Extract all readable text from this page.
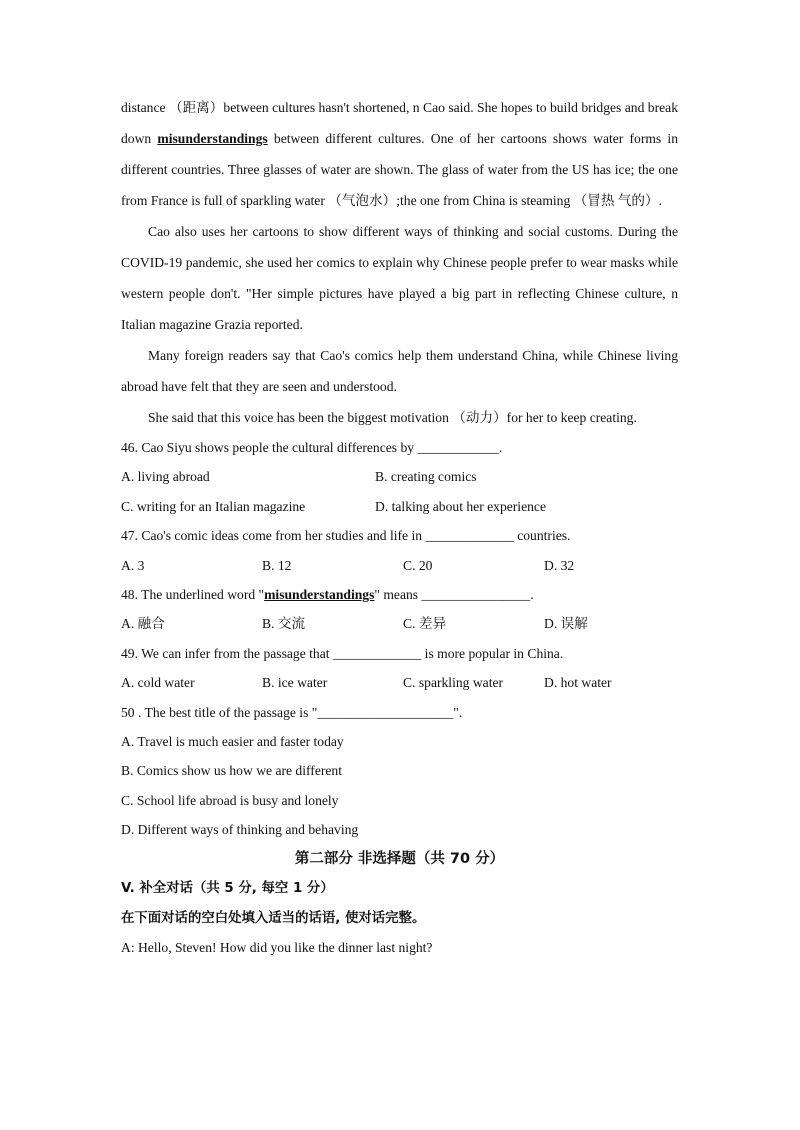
distance （距离）between cultures hasn't shortened, n Cao said. She hopes to build bridges and break down misunderstandings between different cultures. One of her cartoons shows water forms in different countries. Three glasses of water are shown. The glass of water from the US has ice; the one from France is full of sparkling water （气泡水）;the one from China is steaming （冒热 气的）.

Cao also uses her cartoons to show different ways of thinking and social customs. During the COVID-19 pandemic, she used her comics to explain why Chinese people prefer to wear masks while western people don't. "Her simple pictures have played a big part in reflecting Chinese culture, n Italian magazine Grazia reported.

Many foreign readers say that Cao's comics help them understand China, while Chinese living abroad have felt that they are seen and understood.

She said that this voice has been the biggest motivation （动力）for her to keep creating.

46. Cao Siyu shows people the cultural differences by ____________.
A. living abroad	B. creating comics
C. writing for an Italian magazine	D. talking about her experience
47. Cao's comic ideas come from her studies and life in _____________ countries.
A. 3	B. 12	C. 20	D. 32
48. The underlined word "misunderstandings" means ________________.
A. 融合	B. 交流	C. 差异	D. 误解
49. We can infer from the passage that _____________ is more popular in China.
A. cold water	B. ice water	C. sparkling water	D. hot water
50 . The best title of the passage is "____________________".
A. Travel is much easier and faster today
B. Comics show us how we are different
C. School life abroad is busy and lonely
D. Different ways of thinking and behaving
第二部分 非选择题（共 70 分）
V. 补全对话（共 5 分, 每空 1 分）
在下面对话的空白处填入适当的话语, 使对话完整。
A: Hello, Steven! How did you like the dinner last night?
